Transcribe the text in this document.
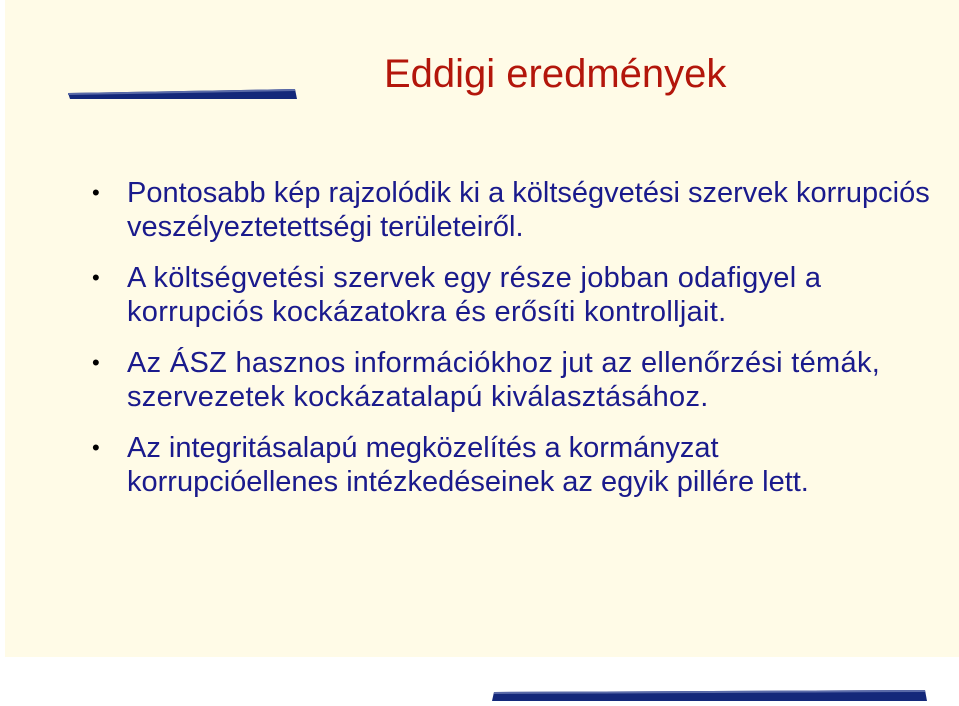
Eddigi eredmények
• Pontosabb kép rajzolódik ki a költségvetési szervek korrupciós veszélyeztetettségi területeiről.
• A költségvetési szervek egy része jobban odafigyel a korrupciós kockázatokra és erősíti kontrolljait.
• Az ÁSZ hasznos információkhoz jut az ellenőrzési témák, szervezetek kockázatalapú kiválasztásához.
• Az integritásalapú megközelítés a kormányzat korrupcióellenes intézkedéseinek az egyik pillére lett.
